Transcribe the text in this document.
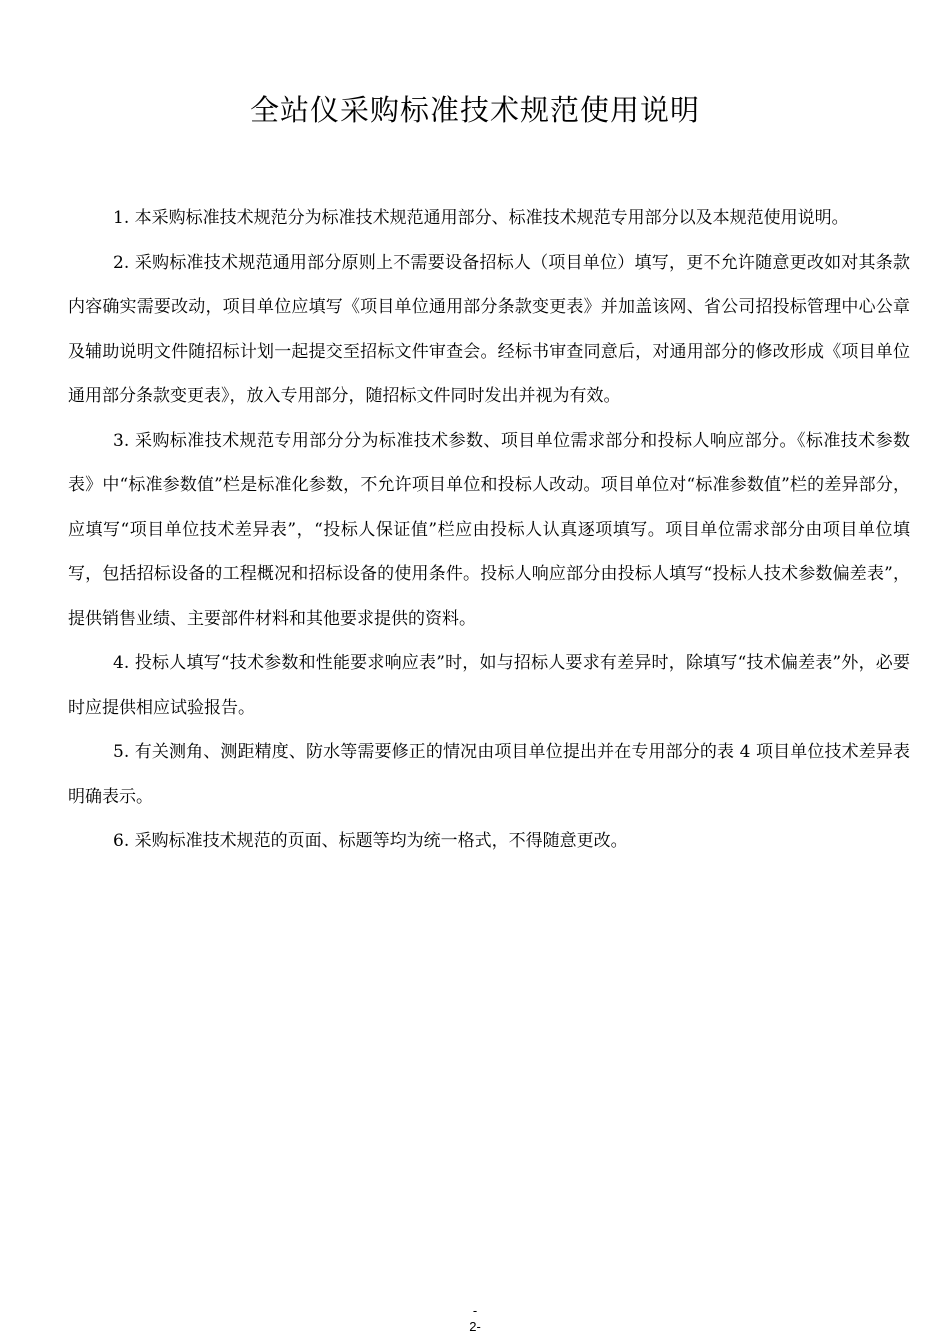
全站仪采购标准技术规范使用说明

1. 本采购标准技术规范分为标准技术规范通用部分、标准技术规范专用部分以及本规范使用说明。

2. 采购标准技术规范通用部分原则上不需要设备招标人（项目单位）填写，更不允许随意更改如对其条款内容确实需要改动，项目单位应填写《项目单位通用部分条款变更表》并加盖该网、省公司招投标管理中心公章及辅助说明文件随招标计划一起提交至招标文件审查会。经标书审查同意后，对通用部分的修改形成《项目单位通用部分条款变更表》，放入专用部分，随招标文件同时发出并视为有效。

3. 采购标准技术规范专用部分分为标准技术参数、项目单位需求部分和投标人响应部分。《标准技术参数表》中“标准参数值”栏是标准化参数，不允许项目单位和投标人改动。项目单位对“标准参数值”栏的差异部分，应填写“项目单位技术差异表”，“投标人保证值”栏应由投标人认真逐项填写。项目单位需求部分由项目单位填写，包括招标设备的工程概况和招标设备的使用条件。投标人响应部分由投标人填写“投标人技术参数偏差表”，提供销售业绩、主要部件材料和其他要求提供的资料。

4. 投标人填写“技术参数和性能要求响应表”时，如与招标人要求有差异时，除填写“技术偏差表”外，必要时应提供相应试验报告。

5. 有关测角、测距精度、防水等需要修正的情况由项目单位提出并在专用部分的表 4 项目单位技术差异表明确表示。

6. 采购标准技术规范的页面、标题等均为统一格式，不得随意更改。

-
2-
